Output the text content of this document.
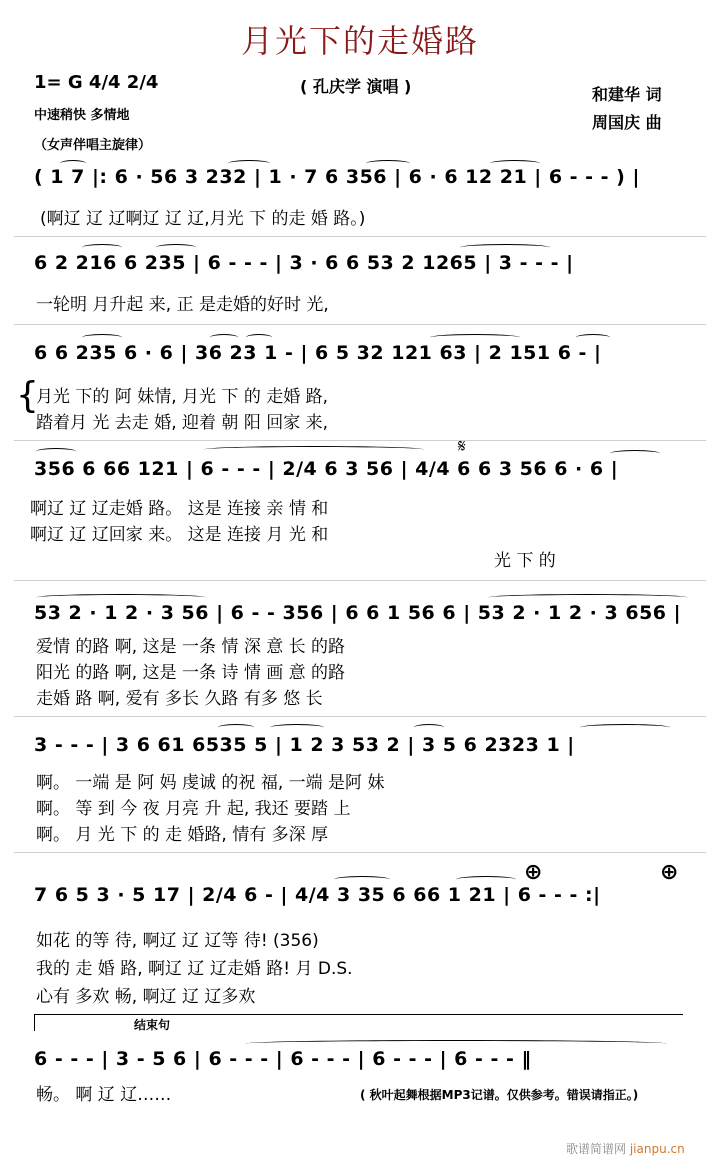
月光下的走婚路
1= G 4/4 2/4
中速稍快 多情地
（女声伴唱主旋律）
( 孔庆学 演唱 )	和建华 词
周国庆 曲
( 1 7 |: 6 · 56 3 232 | 1 · 7 6 356 | 6 · 6 12 21 | 6 - - - ) |
(啊辽 辽 辽啊辽 辽 辽,月光 下 的走 婚 路。)
6 2 216 6 235 | 6 - - - | 3 · 6 6 53 2 1265 | 3 - - - |
一轮明 月升起 来, 正 是走婚的好时 光,
6 6 235 6 · 6 | 36 23 1 - | 6 5 32 121 63 | 2 151 6 - |
{
月光 下的 阿 妹情, 月光 下 的 走婚 路,
踏着月 光 去走 婚, 迎着 朝 阳 回家 来,
𝄋
356 6 66 121 | 6 - - - | 2/4 6 3 56 | 4/4 6 6 3 56 6 · 6 |
啊辽 辽 辽走婚 路。 这是 连接 亲 情 和
啊辽 辽 辽回家 来。 这是 连接 月 光 和
光 下 的
53 2 · 1 2 · 3 56 | 6 - - 356 | 6 6 1 56 6 | 53 2 · 1 2 · 3 656 |
爱情 的路 啊, 这是 一条 情 深 意 长 的路
阳光 的路 啊, 这是 一条 诗 情 画 意 的路
走婚 路 啊, 爱有 多长 久路 有多 悠 长
3 - - - | 3 6 61 6535 5 | 1 2 3 53 2 | 3 5 6 2323 1 |
啊。 一端 是 阿 妈 虔诚 的祝 福, 一端 是阿 妹
啊。 等 到 今 夜 月亮 升 起, 我还 要踏 上
啊。 月 光 下 的 走 婚路, 情有 多深 厚
⊕	⊕
7 6 5 3 · 5 17 | 2/4 6 - | 4/4 3 35 6 66 1 21 | 6 - - - :|
如花 的等 待, 啊辽 辽 辽等 待! (356)
我的 走 婚 路, 啊辽 辽 辽走婚 路! 月 D.S.
心有 多欢 畅, 啊辽 辽 辽多欢
结束句
6 - - - | 3 - 5 6 | 6 - - - | 6 - - - | 6 - - - | 6 - - - ‖
畅。 啊 辽 辽……	( 秋叶起舞根据MP3记谱。仅供参考。错误请指正。)
歌谱简谱网 jianpu.cn
